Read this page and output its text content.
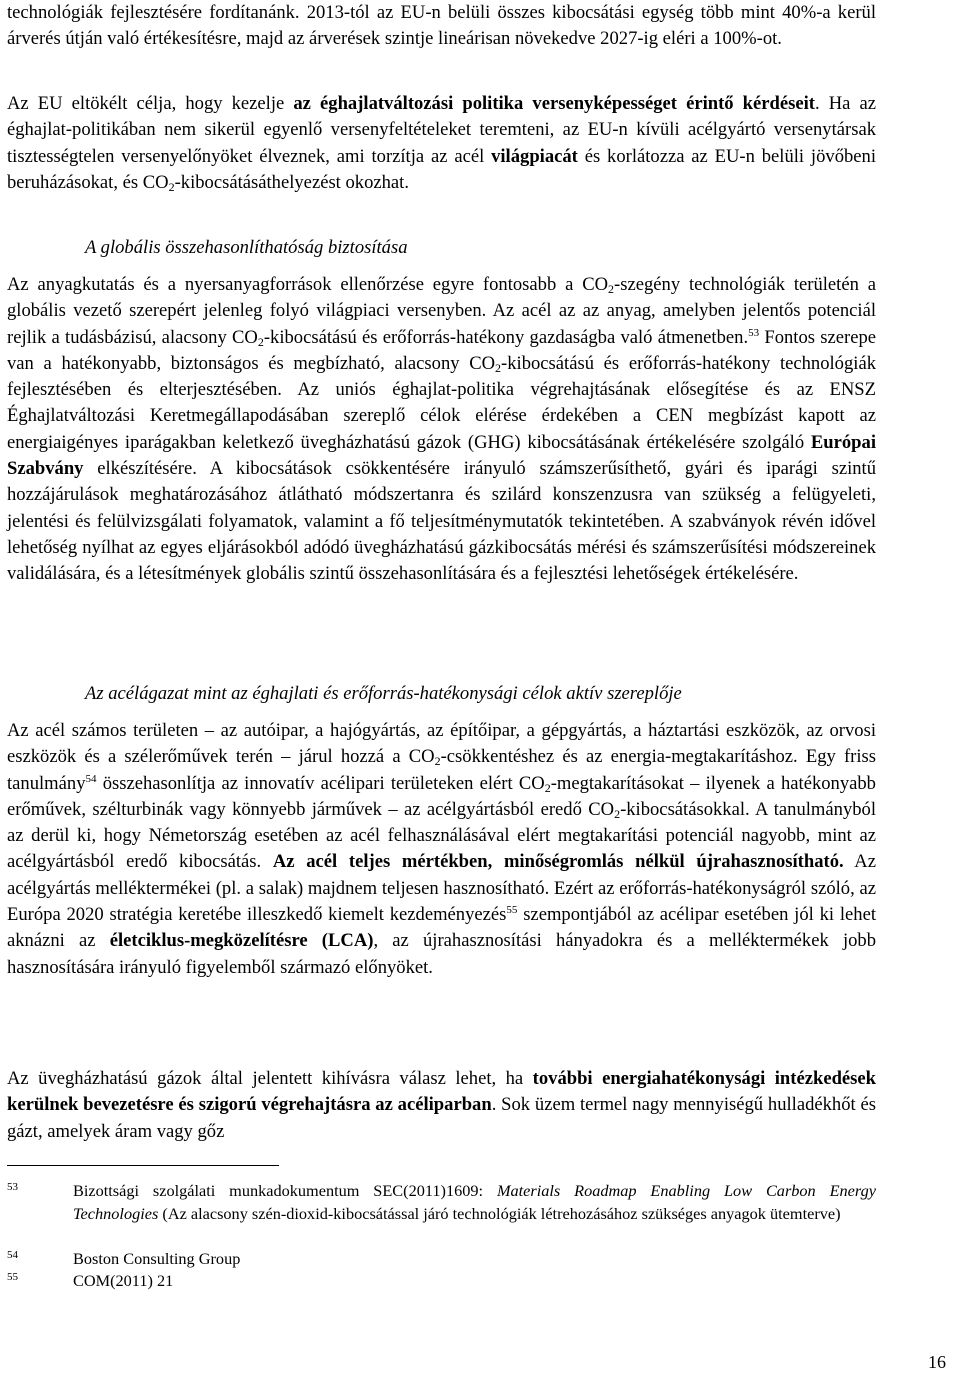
technológiák fejlesztésére fordítanánk. 2013-tól az EU-n belüli összes kibocsátási egység több mint 40%-a kerül árverés útján való értékesítésre, majd az árverések szintje lineárisan növekedve 2027-ig eléri a 100%-ot.

Az EU eltökélt célja, hogy kezelje az éghajlatváltozási politika versenyképességet érintő kérdéseit. Ha az éghajlat-politikában nem sikerül egyenlő versenyfeltételeket teremteni, az EU-n kívüli acélgyártó versenytársak tisztességtelen versenyelőnyöket élveznek, ami torzítja az acél világpiacát és korlátozza az EU-n belüli jövőbeni beruházásokat, és $CO_2$-kibocsátásáthelyezést okozhat.

A globális összehasonlíthatóság biztosítása

Az anyagkutatás és a nyersanyagforrások ellenőrzése egyre fontosabb a $CO_2$-szegény technológiák területén a globális vezető szerepért jelenleg folyó világpiaci versenyben. Az acél az az anyag, amelyben jelentős potenciál rejlik a tudásbázisú, alacsony $CO_2$-kibocsátású és erőforrás-hatékony gazdaságba való átmenetben.$^{53}$ Fontos szerepe van a hatékonyabb, biztonságos és megbízható, alacsony $CO_2$-kibocsátású és erőforrás-hatékony technológiák fejlesztésében és elterjesztésében. Az uniós éghajlat-politika végrehajtásának elősegítése és az ENSZ Éghajlatváltozási Keretmegállapodásában szereplő célok elérése érdekében a CEN megbízást kapott az energiaigényes iparágakban keletkező üvegházhatású gázok (GHG) kibocsátásának értékelésére szolgáló Európai Szabvány elkészítésére. A kibocsátások csökkentésére irányuló számszerűsíthető, gyári és iparági szintű hozzájárulások meghatározásához átlátható módszertanra és szilárd konszenzusra van szükség a felügyeleti, jelentési és felülvizsgálati folyamatok, valamint a fő teljesítménymutatók tekintetében. A szabványok révén idővel lehetőség nyílhat az egyes eljárásokból adódó üvegházhatású gázkibocsátás mérési és számszerűsítési módszereinek validálására, és a létesítmények globális szintű összehasonlítására és a fejlesztési lehetőségek értékelésére.

Az acélágazat mint az éghajlati és erőforrás-hatékonysági célok aktív szereplője

Az acél számos területen – az autóipar, a hajógyártás, az építőipar, a gépgyártás, a háztartási eszközök, az orvosi eszközök és a szélerőművek terén – járul hozzá a $CO_2$-csökkentéshez és az energia-megtakarításhoz. Egy friss tanulmány$^{54}$ összehasonlítja az innovatív acélipari területeken elért $CO_2$-megtakarításokat – ilyenek a hatékonyabb erőművek, szélturbinák vagy könnyebb járművek – az acélgyártásból eredő $CO_2$-kibocsátásokkal. A tanulmányból az derül ki, hogy Németország esetében az acél felhasználásával elért megtakarítási potenciál nagyobb, mint az acélgyártásból eredő kibocsátás. Az acél teljes mértékben, minőségromlás nélkül újrahasznosítható. Az acélgyártás melléktermékei (pl. a salak) majdnem teljesen hasznosítható. Ezért az erőforrás-hatékonyságról szóló, az Európa 2020 stratégia keretébe illeszkedő kiemelt kezdeményezés$^{55}$ szempontjából az acélipar esetében jól ki lehet aknázni az életciklus-megközelítésre (LCA), az újrahasznosítási hányadokra és a melléktermékek jobb hasznosítására irányuló figyelemből származó előnyöket.

Az üvegházhatású gázok által jelentett kihívásra válasz lehet, ha további energiahatékonysági intézkedések kerülnek bevezetésre és szigorú végrehajtásra az acéliparban. Sok üzem termel nagy mennyiségű hulladékhőt és gázt, amelyek áram vagy gőz

53	Bizottsági szolgálati munkadokumentum SEC(2011)1609: Materials Roadmap Enabling Low Carbon Energy Technologies (Az alacsony szén-dioxid-kibocsátással járó technológiák létrehozásához szükséges anyagok ütemterve)
54	Boston Consulting Group
55	COM(2011) 21
16
